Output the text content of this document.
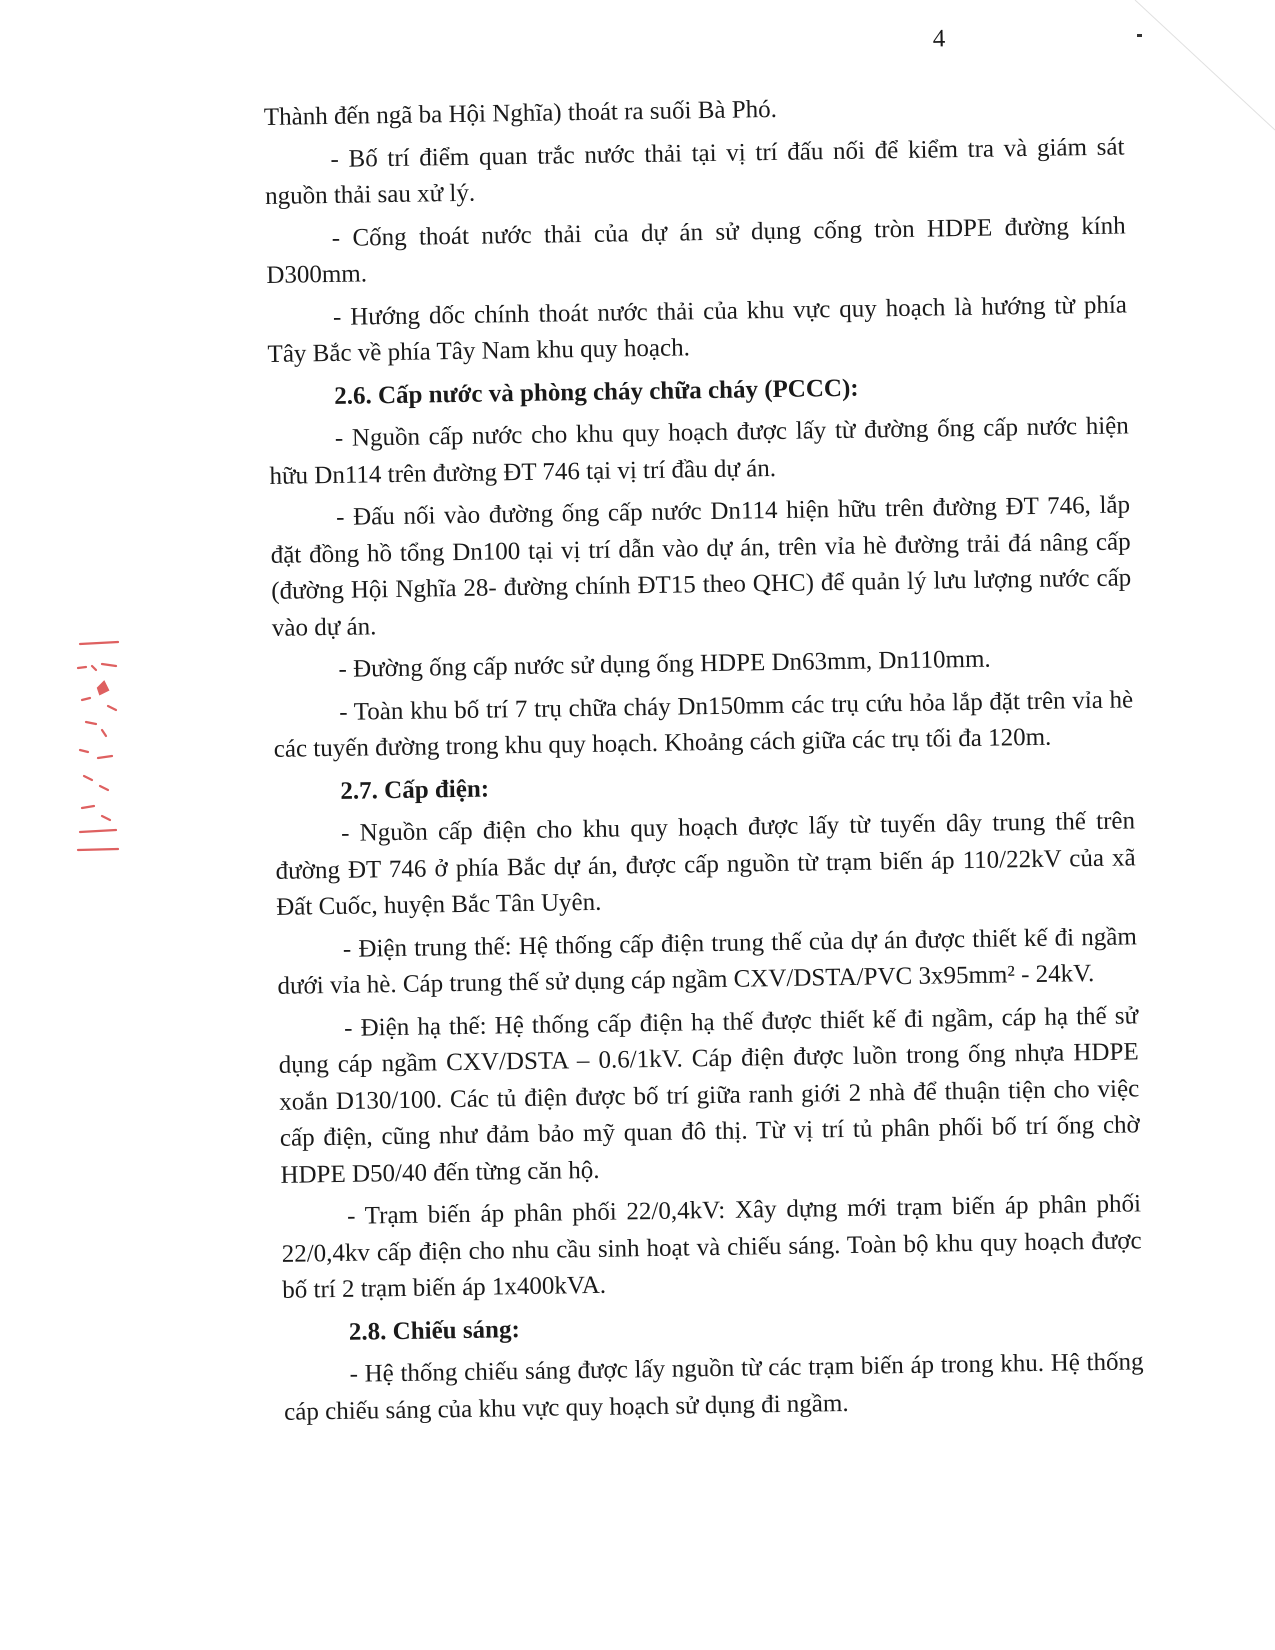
4

Thành đến ngã ba Hội Nghĩa) thoát ra suối Bà Phó.

- Bố trí điểm quan trắc nước thải tại vị trí đấu nối để kiểm tra và giám sát nguồn thải sau xử lý.

- Cống thoát nước thải của dự án sử dụng cống tròn HDPE đường kính D300mm.

- Hướng dốc chính thoát nước thải của khu vực quy hoạch là hướng từ phía Tây Bắc về phía Tây Nam khu quy hoạch.

2.6. Cấp nước và phòng cháy chữa cháy (PCCC):

- Nguồn cấp nước cho khu quy hoạch được lấy từ đường ống cấp nước hiện hữu Dn114 trên đường ĐT 746 tại vị trí đầu dự án.

- Đấu nối vào đường ống cấp nước Dn114 hiện hữu trên đường ĐT 746, lắp đặt đồng hồ tổng Dn100 tại vị trí dẫn vào dự án, trên vỉa hè đường trải đá nâng cấp (đường Hội Nghĩa 28- đường chính ĐT15 theo QHC) để quản lý lưu lượng nước cấp vào dự án.

- Đường ống cấp nước sử dụng ống HDPE Dn63mm, Dn110mm.

- Toàn khu bố trí 7 trụ chữa cháy Dn150mm các trụ cứu hỏa lắp đặt trên vỉa hè các tuyến đường trong khu quy hoạch. Khoảng cách giữa các trụ tối đa 120m.

2.7. Cấp điện:

- Nguồn cấp điện cho khu quy hoạch được lấy từ tuyến dây trung thế trên đường ĐT 746 ở phía Bắc dự án, được cấp nguồn từ trạm biến áp 110/22kV của xã Đất Cuốc, huyện Bắc Tân Uyên.

- Điện trung thế: Hệ thống cấp điện trung thế của dự án được thiết kế đi ngầm dưới vỉa hè. Cáp trung thế sử dụng cáp ngầm CXV/DSTA/PVC 3x95mm² - 24kV.

- Điện hạ thế: Hệ thống cấp điện hạ thế được thiết kế đi ngầm, cáp hạ thế sử dụng cáp ngầm CXV/DSTA – 0.6/1kV. Cáp điện được luồn trong ống nhựa HDPE xoắn D130/100. Các tủ điện được bố trí giữa ranh giới 2 nhà để thuận tiện cho việc cấp điện, cũng như đảm bảo mỹ quan đô thị. Từ vị trí tủ phân phối bố trí ống chờ HDPE D50/40 đến từng căn hộ.

- Trạm biến áp phân phối 22/0,4kV: Xây dựng mới trạm biến áp phân phối 22/0,4kv cấp điện cho nhu cầu sinh hoạt và chiếu sáng. Toàn bộ khu quy hoạch được bố trí 2 trạm biến áp 1x400kVA.

2.8. Chiếu sáng:

- Hệ thống chiếu sáng được lấy nguồn từ các trạm biến áp trong khu. Hệ thống cáp chiếu sáng của khu vực quy hoạch sử dụng đi ngầm.
